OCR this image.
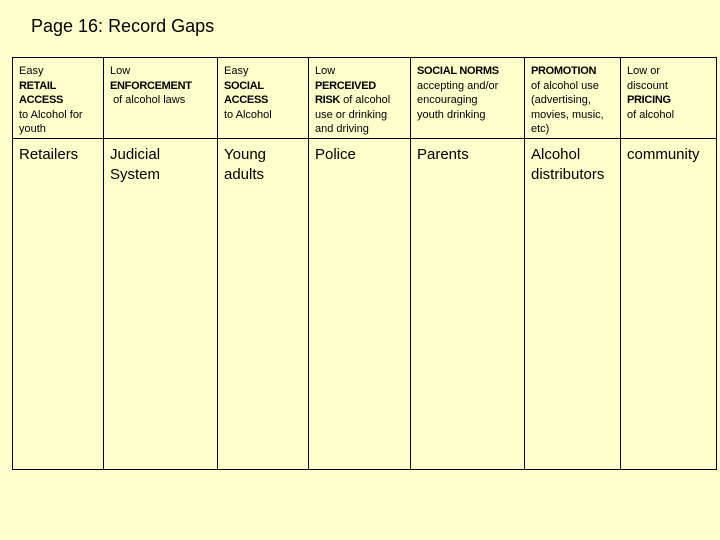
Page 16: Record Gaps
Easy
RETAIL
ACCESS
to Alcohol for
youth	Low
ENFORCEMENT
of alcohol laws	Easy
SOCIAL
ACCESS
to Alcohol	Low
PERCEIVED
RISK of alcohol
use or drinking
and driving	SOCIAL NORMS
accepting and/or
encouraging
youth drinking	PROMOTION
of alcohol use
(advertising,
movies, music,
etc)	Low or
discount
PRICING
of alcohol

Retailers	Judicial System	Young adults	Police	Parents	Alcohol distributors	community
